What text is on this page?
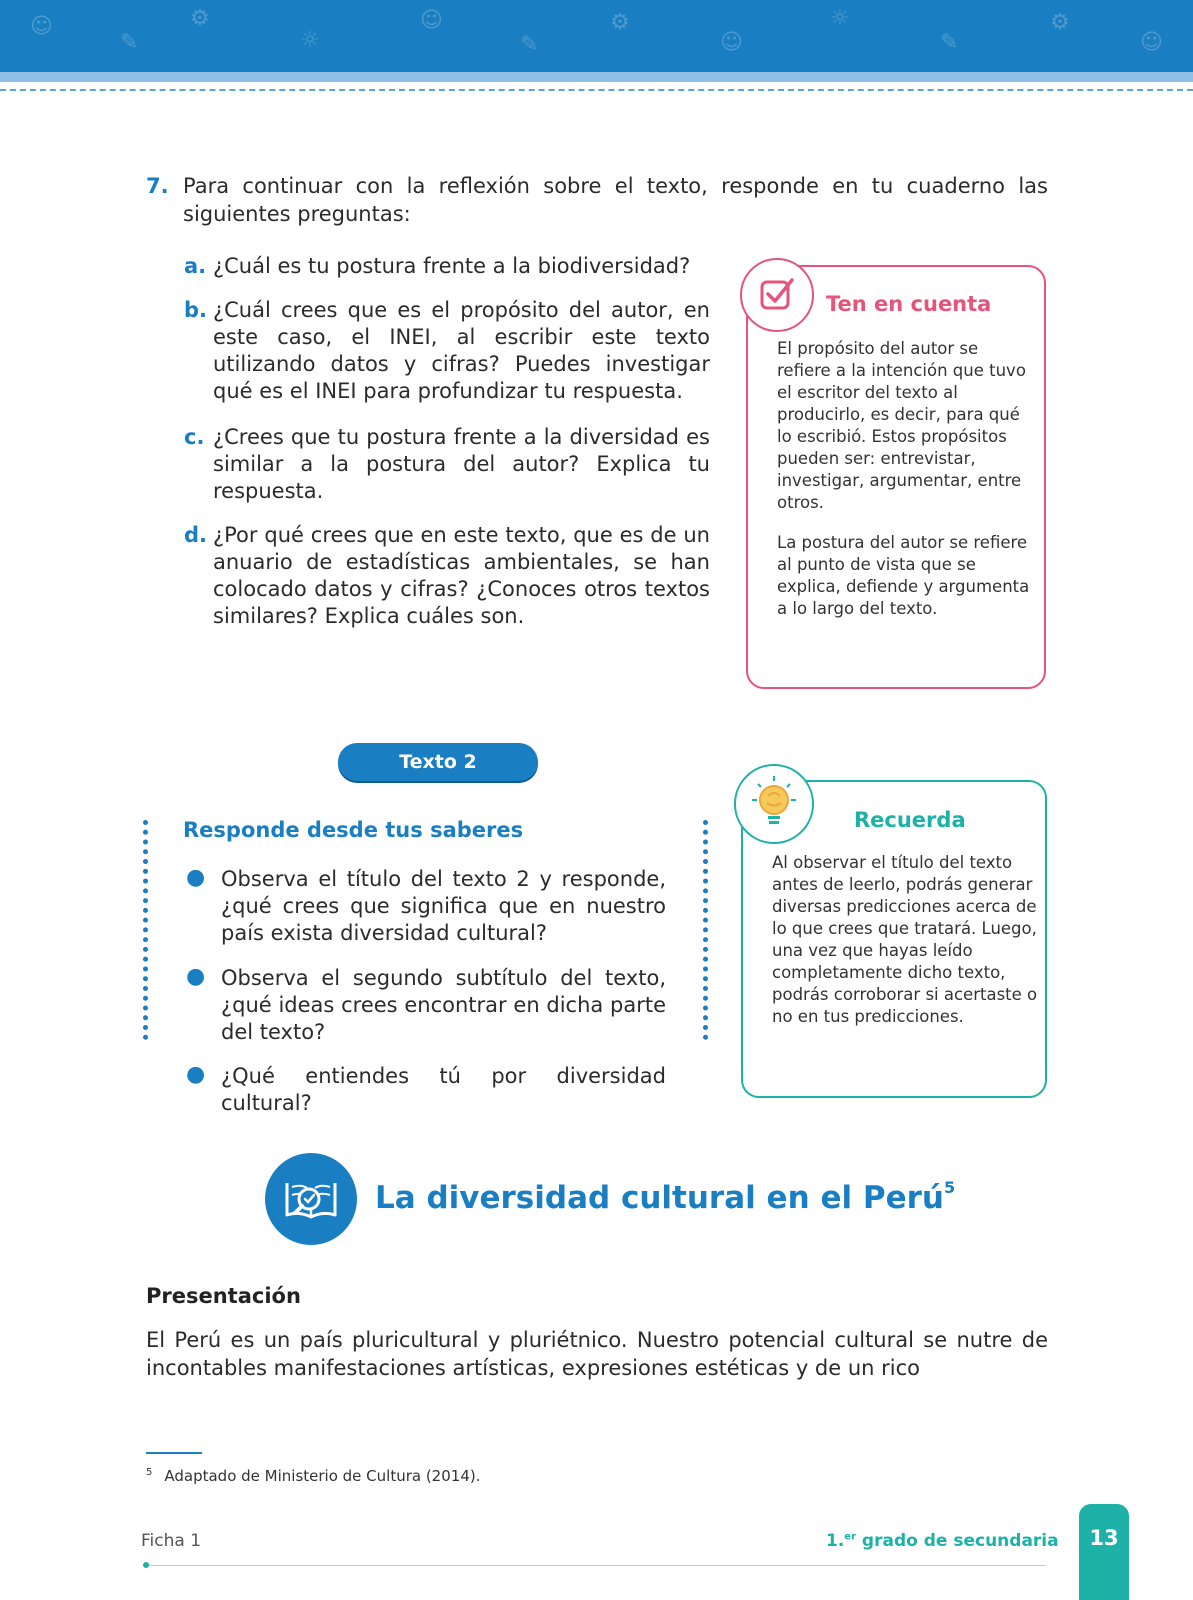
☺
✎
⚙
☼
☺
✎
⚙
☺
☼
✎
⚙
☺
7. Para continuar con la reflexión sobre el texto, responde en tu cuaderno las siguientes preguntas:
a. ¿Cuál es tu postura frente a la biodiversidad?
b. ¿Cuál crees que es el propósito del autor, en este caso, el INEI, al escribir este texto utilizando datos y cifras? Puedes investigar qué es el INEI para profundizar tu respuesta.
c. ¿Crees que tu postura frente a la diversidad es similar a la postura del autor? Explica tu respuesta.
d. ¿Por qué crees que en este texto, que es de un anuario de estadísticas ambientales, se han colocado datos y cifras? ¿Conoces otros textos similares? Explica cuáles son.
Ten en cuenta
El propósito del autor se refiere a la intención que tuvo el escritor del texto al producirlo, es decir, para qué lo escribió. Estos propósitos pueden ser: entrevistar, investigar, argumentar, entre otros.
La postura del autor se refiere al punto de vista que se explica, defiende y argumenta a lo largo del texto.
Texto 2
Responde desde tus saberes
● Observa el título del texto 2 y responde, ¿qué crees que significa que en nuestro país exista diversidad cultural?
● Observa el segundo subtítulo del texto, ¿qué ideas crees encontrar en dicha parte del texto?
● ¿Qué entiendes tú por diversidad cultural?
Recuerda
Al observar el título del texto antes de leerlo, podrás generar diversas predicciones acerca de lo que crees que tratará. Luego, una vez que hayas leído completamente dicho texto, podrás corroborar si acertaste o no en tus predicciones.
La diversidad cultural en el Perú$^5$
Presentación
El Perú es un país pluricultural y pluriétnico. Nuestro potencial cultural se nutre de incontables manifestaciones artísticas, expresiones estéticas y de un rico
$^5$ Adaptado de Ministerio de Cultura (2014).
Ficha 1	1.$^{er}$ grado de secundaria	13
